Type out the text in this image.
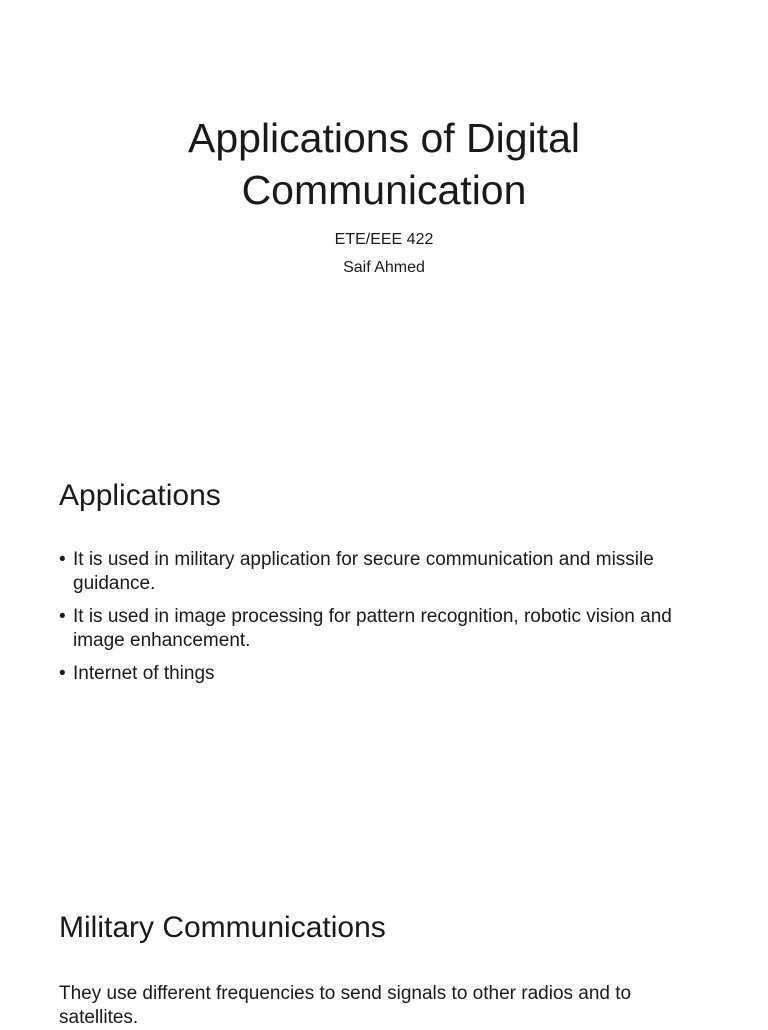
Applications of Digital
Communication

ETE/EEE 422

Saif Ahmed

Applications
• It is used in military application for secure communication and missile guidance.
• It is used in image processing for pattern recognition, robotic vision and image enhancement.
• Internet of things
Military Communications

They use different frequencies to send signals to other radios and to satellites.
